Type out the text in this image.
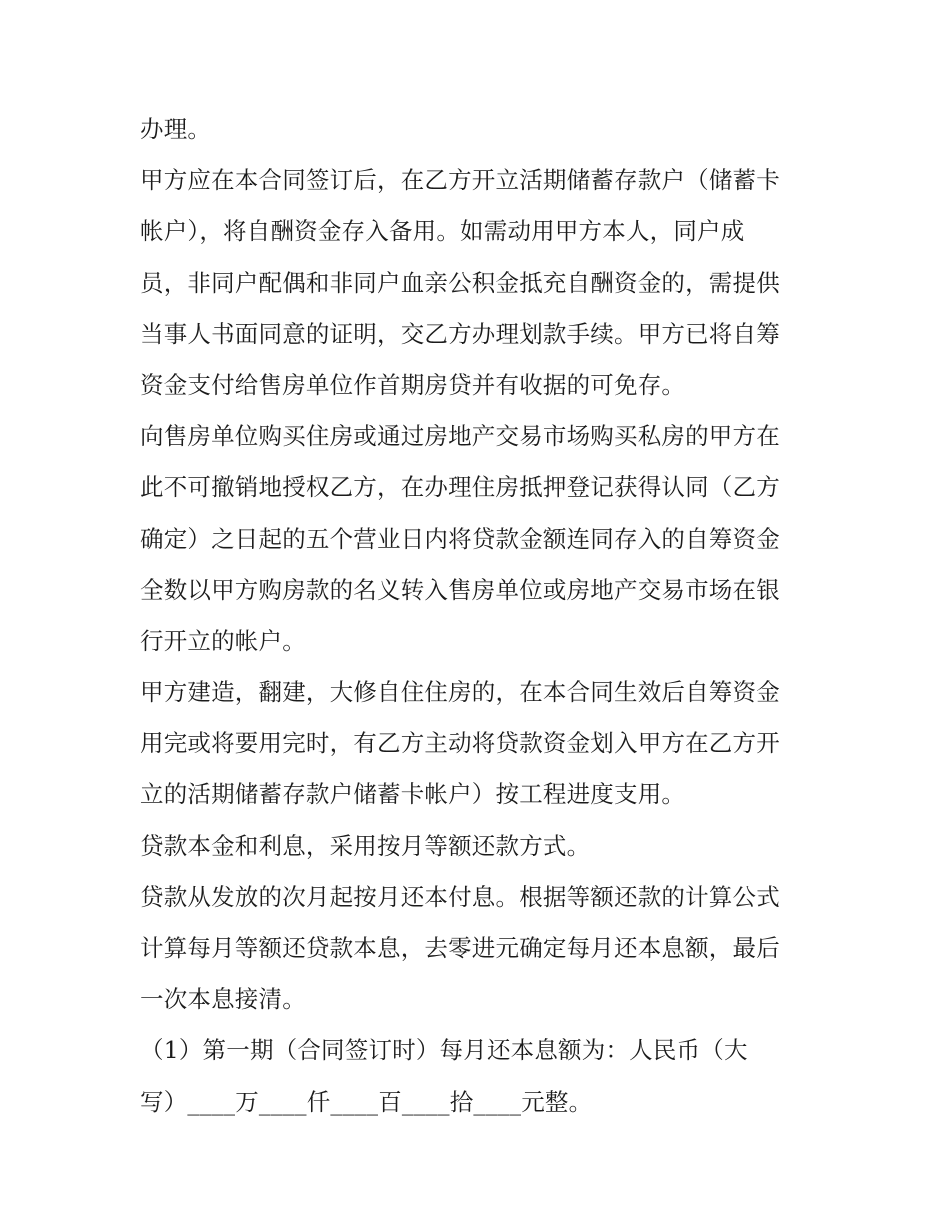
办理。
甲方应在本合同签订后，在乙方开立活期储蓄存款户（储蓄卡
帐户），将自酬资金存入备用。如需动用甲方本人，同户成
员，非同户配偶和非同户血亲公积金抵充自酬资金的，需提供
当事人书面同意的证明，交乙方办理划款手续。甲方已将自筹
资金支付给售房单位作首期房贷并有收据的可免存。
向售房单位购买住房或通过房地产交易市场购买私房的甲方在
此不可撤销地授权乙方，在办理住房抵押登记获得认同（乙方
确定）之日起的五个营业日内将贷款金额连同存入的自筹资金
全数以甲方购房款的名义转入售房单位或房地产交易市场在银
行开立的帐户。
甲方建造，翻建，大修自住住房的，在本合同生效后自筹资金
用完或将要用完时，有乙方主动将贷款资金划入甲方在乙方开
立的活期储蓄存款户储蓄卡帐户）按工程进度支用。
贷款本金和利息，采用按月等额还款方式。
贷款从发放的次月起按月还本付息。根据等额还款的计算公式
计算每月等额还贷款本息，去零进元确定每月还本息额，最后
一次本息接清。
（1）第一期（合同签订时）每月还本息额为：人民币（大
写）____万____仟____百____拾____元整。
